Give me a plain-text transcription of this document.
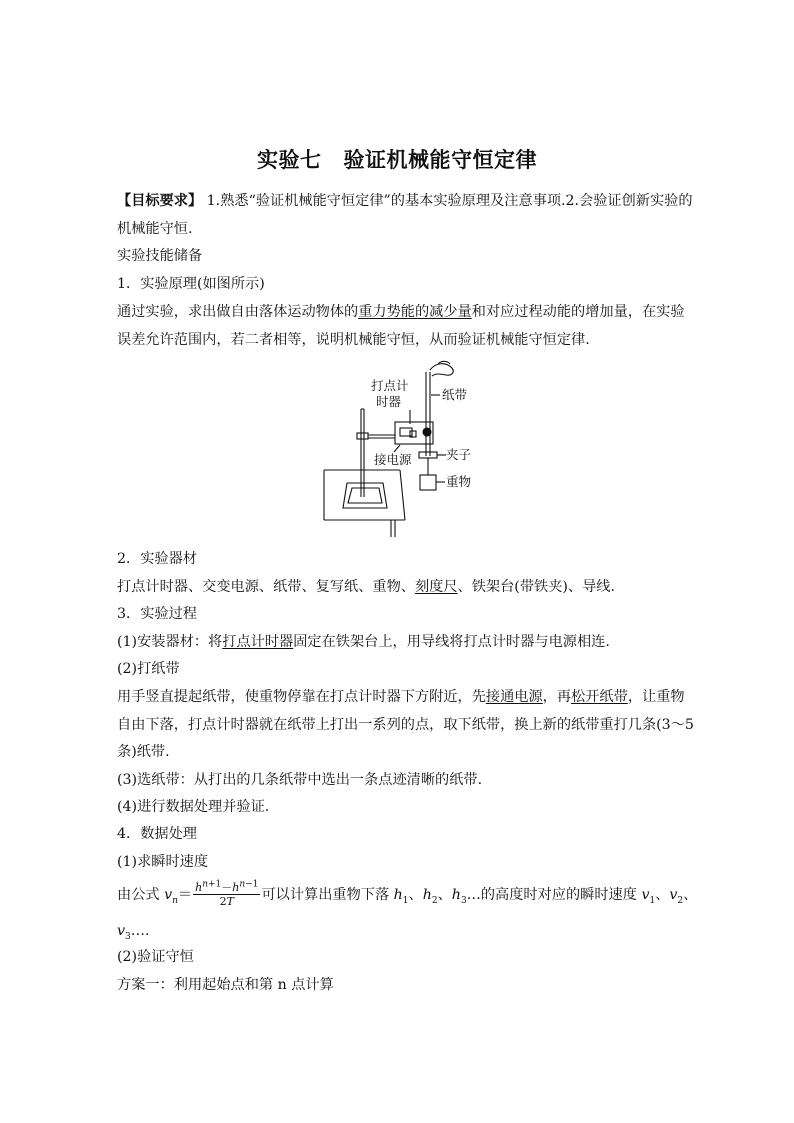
实验七 验证机械能守恒定律
【目标要求】 1.熟悉“验证机械能守恒定律”的基本实验原理及注意事项.2.会验证创新实验的
机械能守恒.
实验技能储备
1．实验原理(如图所示)
通过实验，求出做自由落体运动物体的重力势能的减少量和对应过程动能的增加量，在实验
误差允许范围内，若二者相等，说明机械能守恒，从而验证机械能守恒定律.
打点计
时器	纸带
夹子
接电源
重物
2．实验器材
打点计时器、交变电源、纸带、复写纸、重物、刻度尺、铁架台(带铁夹)、导线.
3．实验过程
(1)安装器材：将打点计时器固定在铁架台上，用导线将打点计时器与电源相连.
(2)打纸带
用手竖直提起纸带，使重物停靠在打点计时器下方附近，先接通电源，再松开纸带，让重物
自由下落，打点计时器就在纸带上打出一系列的点，取下纸带，换上新的纸带重打几条(3～5
条)纸带.
(3)选纸带：从打出的几条纸带中选出一条点迹清晰的纸带.
(4)进行数据处理并验证.
4．数据处理
(1)求瞬时速度
由公式 $v_n= \frac{h^{n+1}-h^{n-1}}{2T}$ 可以计算出重物下落 $h_1$、$h_2$、$h_3\dots$的高度时对应的瞬时速度 $v_1$、$v_2$、
$v_3\dots$.
(2)验证守恒
方案一：利用起始点和第 n 点计算
